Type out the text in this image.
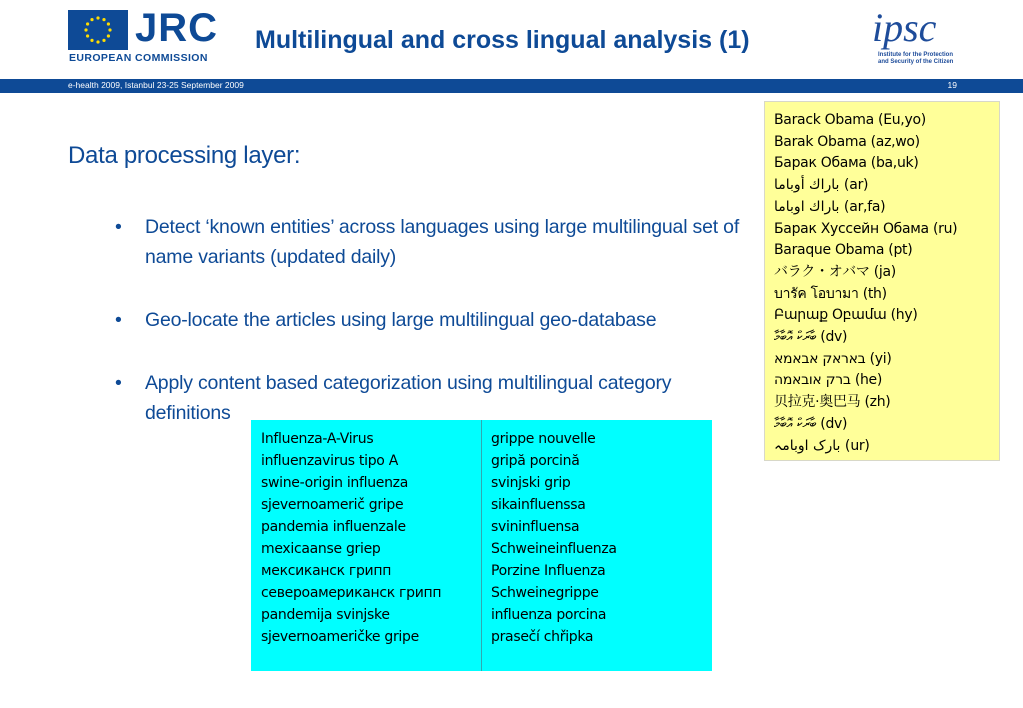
JRC
EUROPEAN COMMISSION
Multilingual and cross lingual analysis (1)	ipsc
Institute for the Protection and Security of the Citizen
e-health 2009, Istanbul 23-25 September 2009	19
Data processing layer:
• Detect ‘known entities’ across languages using large multilingual set of name variants (updated daily)
• Geo-locate the articles using large multilingual geo-database
• Apply content based categorization using multilingual category definitions
Barack Obama (Eu,yo)
Barak Obama (az,wo)
Барак Обама (ba,uk)
باراك أوباما (ar)
باراك اوباما (ar,fa)
Барак Хуссейн Обама (ru)
Baraque Obama (pt)
バラク・オバマ (ja)
บารัค โอบามา (th)
Բարաք Օբամա (hy)
ބާރަކް އޮބާމާ (dv)
באראק אבאמא (yi)
ברק אובאמה (he)
贝拉克·奥巴马 (zh)
ބާރަކް އޮބާމާ (dv)
بارک اوبامہ (ur)
Influenza-A-Virus
influenzavirus tipo A
swine-origin influenza
sjevernoamerič gripe
pandemia influenzale
mexicaanse griep
мексиканск грипп
североамериканск грипп
pandemija svinjske
sjevernoameričke gripe
grippe nouvelle
gripă porcină
svinjski grip
sikainfluenssa
svininfluensa
Schweineinfluenza
Porzine Influenza
Schweinegrippe
influenza porcina
prasečí chřipka
